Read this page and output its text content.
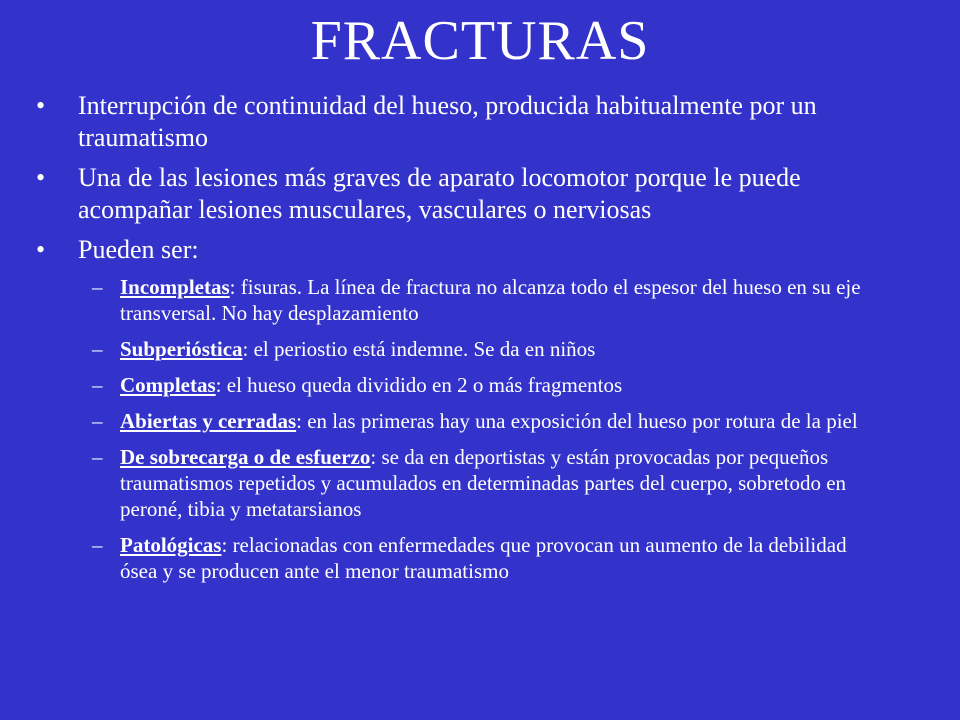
FRACTURAS
• Interrupción de continuidad del hueso, producida habitualmente por un traumatismo
• Una de las lesiones más graves de aparato locomotor porque le puede acompañar lesiones musculares, vasculares o nerviosas
• Pueden ser:
– Incompletas: fisuras. La línea de fractura no alcanza todo el espesor del hueso en su eje transversal. No hay desplazamiento
– Subperióstica: el periostio está indemne. Se da en niños
– Completas: el hueso queda dividido en 2 o más fragmentos
– Abiertas y cerradas: en las primeras hay una exposición del hueso por rotura de la piel
– De sobrecarga o de esfuerzo: se da en deportistas y están provocadas por pequeños traumatismos repetidos y acumulados en determinadas partes del cuerpo, sobretodo en peroné, tibia y metatarsianos
– Patológicas: relacionadas con enfermedades que provocan un aumento de la debilidad ósea y se producen ante el menor traumatismo
